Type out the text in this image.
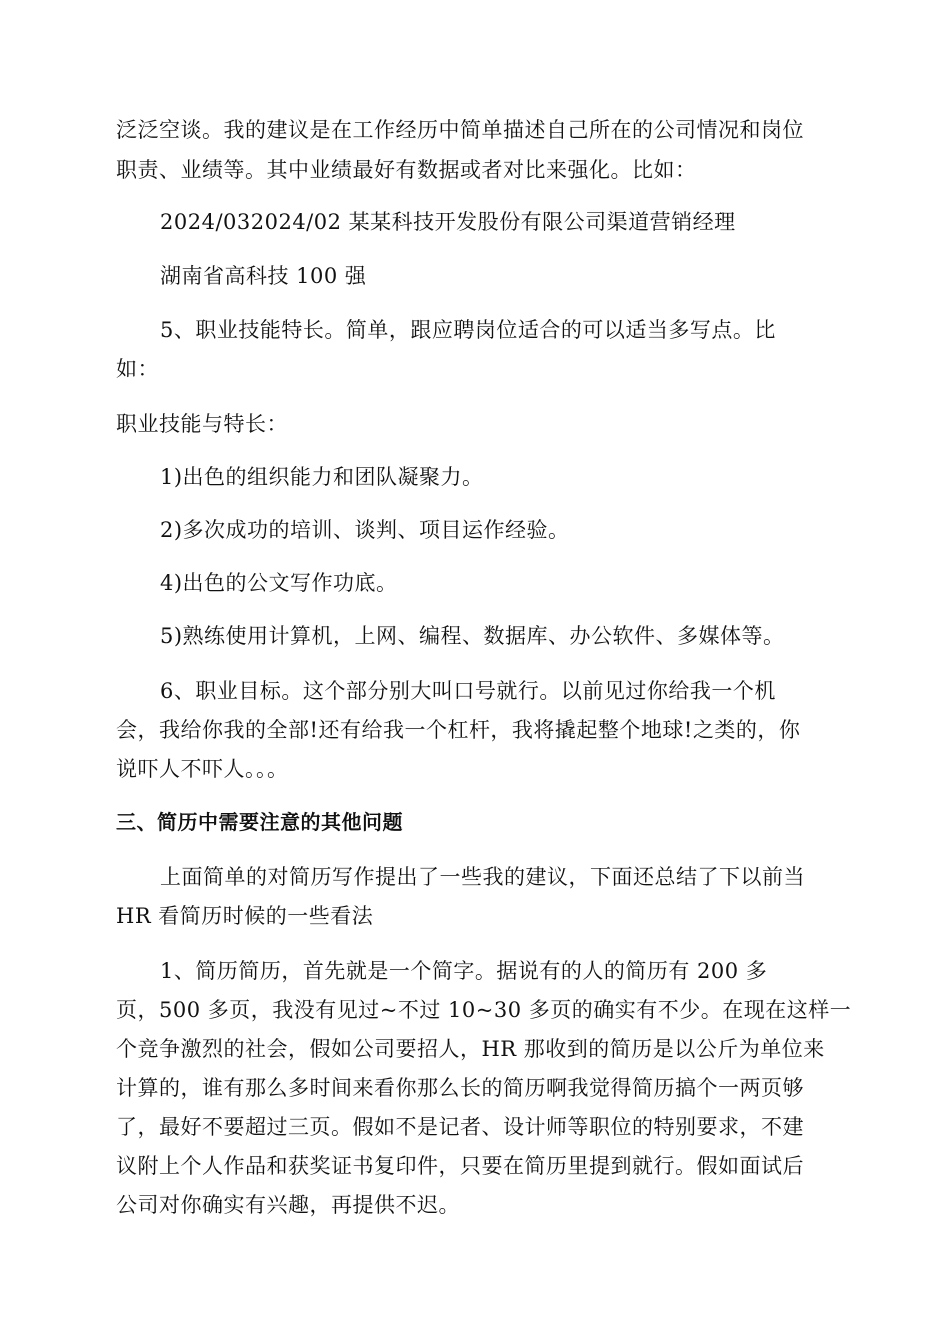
泛泛空谈。我的建议是在工作经历中简单描述自己所在的公司情况和岗位
职责、业绩等。其中业绩最好有数据或者对比来强化。比如：
2024/032024/02 某某科技开发股份有限公司渠道营销经理
湖南省高科技 100 强
5、职业技能特长。简单，跟应聘岗位适合的可以适当多写点。比
如：
职业技能与特长：
1)出色的组织能力和团队凝聚力。
2)多次成功的培训、谈判、项目运作经验。
4)出色的公文写作功底。
5)熟练使用计算机，上网、编程、数据库、办公软件、多媒体等。
6、职业目标。这个部分别大叫口号就行。以前见过你给我一个机
会，我给你我的全部!还有给我一个杠杆，我将撬起整个地球!之类的，你
说吓人不吓人。。。
三、简历中需要注意的其他问题
上面简单的对简历写作提出了一些我的建议，下面还总结了下以前当
HR 看简历时候的一些看法
1、简历简历，首先就是一个简字。据说有的人的简历有 200 多
页，500 多页，我没有见过~不过 10~30 多页的确实有不少。在现在这样一
个竞争激烈的社会，假如公司要招人，HR 那收到的简历是以公斤为单位来
计算的，谁有那么多时间来看你那么长的简历啊我觉得简历搞个一两页够
了，最好不要超过三页。假如不是记者、设计师等职位的特别要求，不建
议附上个人作品和获奖证书复印件，只要在简历里提到就行。假如面试后
公司对你确实有兴趣，再提供不迟。
